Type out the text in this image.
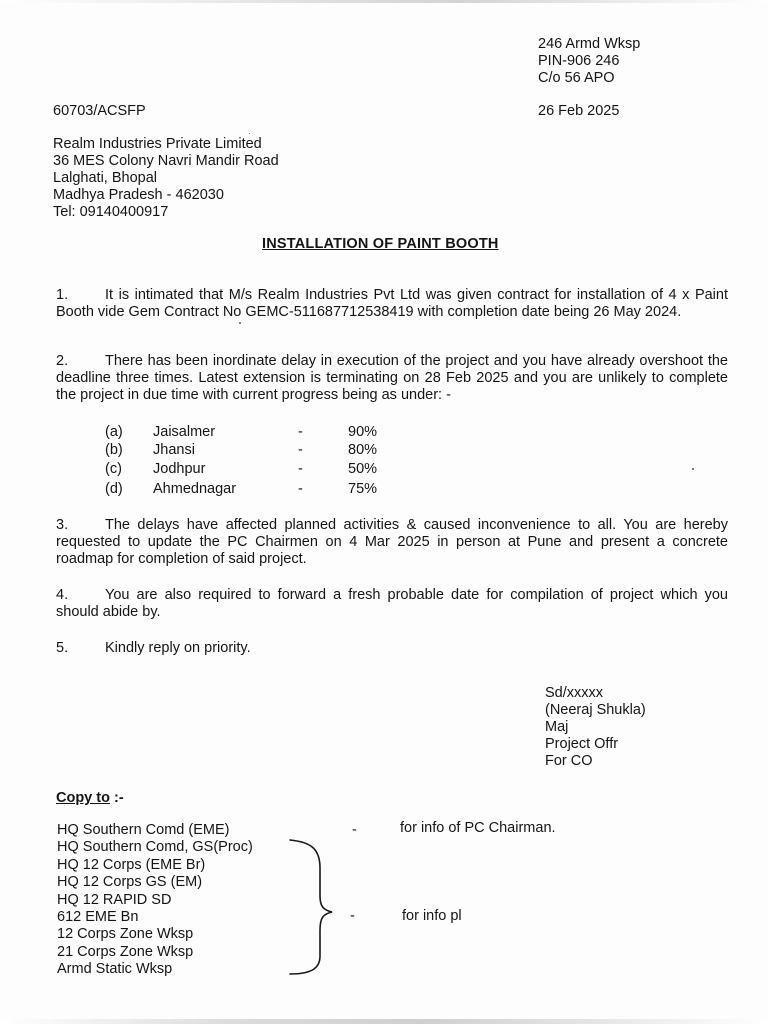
246 Armd Wksp
PIN-906 246
C/o 56 APO
60703/ACSFP	26 Feb 2025
Realm Industries Private Limited
36 MES Colony Navri Mandir Road
Lalghati, Bhopal
Madhya Pradesh - 462030
Tel: 09140400917
INSTALLATION OF PAINT BOOTH
1.	It is intimated that M/s Realm Industries Pvt Ltd was given contract for installation of 4 x Paint Booth vide Gem Contract No GEMC-511687712538419 with completion date being 26 May 2024.
2.	There has been inordinate delay in execution of the project and you have already overshoot the deadline three times. Latest extension is terminating on 28 Feb 2025 and you are unlikely to complete the project in due time with current progress being as under: -
(a) Jaisalmer	-	90%
(b) Jhansi	-	80%
(c) Jodhpur	-	50%
(d) Ahmednagar	-	75%
3.	The delays have affected planned activities & caused inconvenience to all. You are hereby requested to update the PC Chairmen on 4 Mar 2025 in person at Pune and present a concrete roadmap for completion of said project.
4.	You are also required to forward a fresh probable date for compilation of project which you should abide by.
5.	Kindly reply on priority.
Sd/xxxxx
(Neeraj Shukla)
Maj
Project Offr
For CO
Copy to :-
HQ Southern Comd (EME)
HQ Southern Comd, GS(Proc)
HQ 12 Corps (EME Br)
HQ 12 Corps GS (EM)
HQ 12 RAPID SD
612 EME Bn
12 Corps Zone Wksp
21 Corps Zone Wksp
Armd Static Wksp
-	for info of PC Chairman.
-	for info pl
